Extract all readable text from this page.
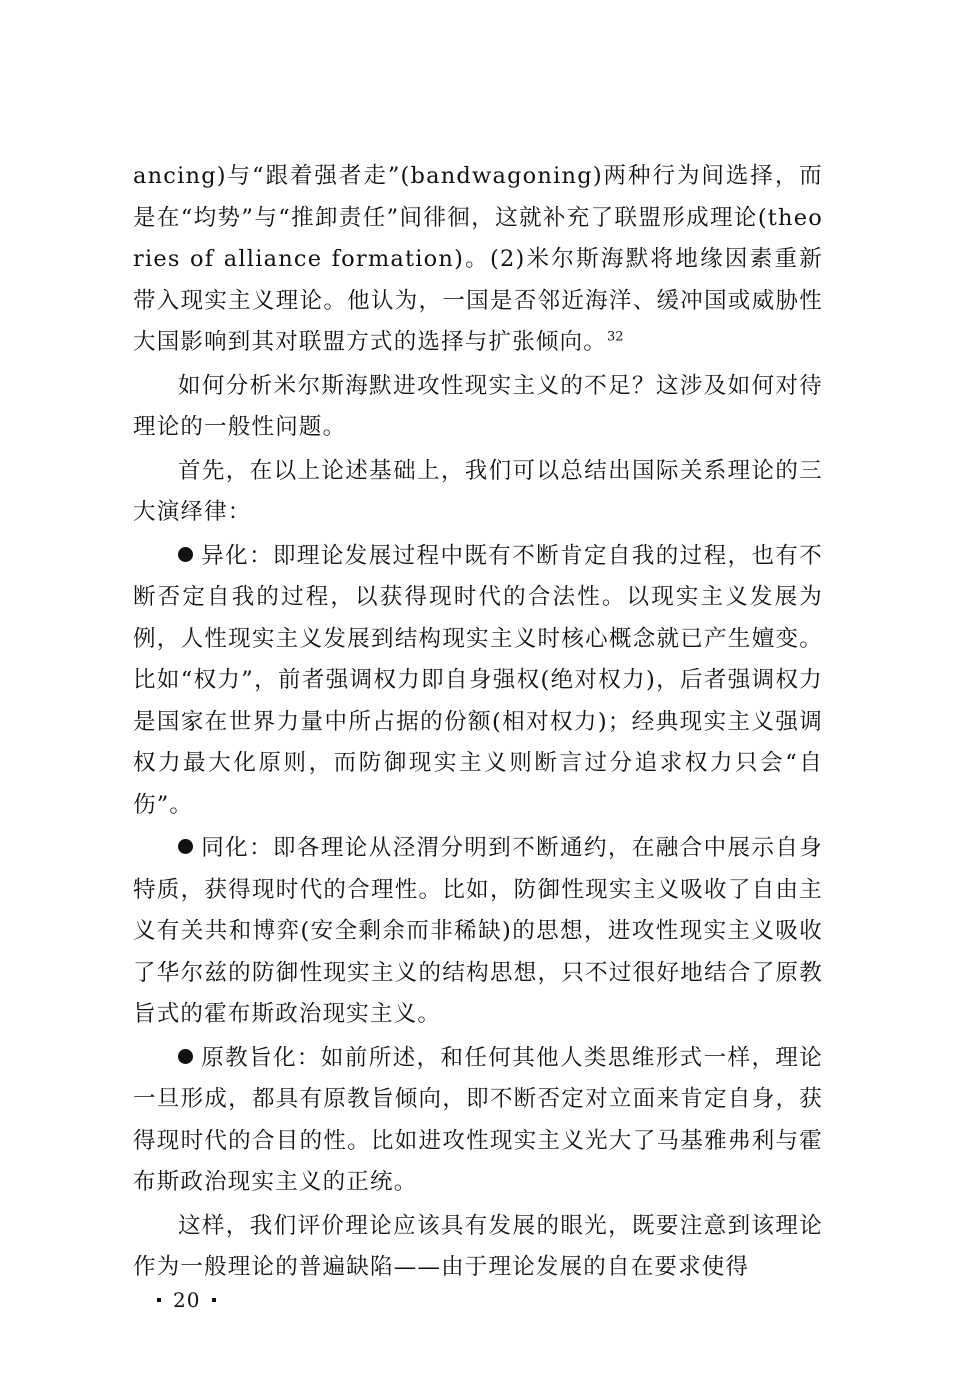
ancing)与“跟着强者走”(bandwagoning)两种行为间选择，而是在“均势”与“推卸责任”间徘徊，这就补充了联盟形成理论(theories of alliance formation)。(2)米尔斯海默将地缘因素重新带入现实主义理论。他认为，一国是否邻近海洋、缓冲国或威胁性大国影响到其对联盟方式的选择与扩张倾向。$^{32}$

如何分析米尔斯海默进攻性现实主义的不足？这涉及如何对待理论的一般性问题。

首先，在以上论述基础上，我们可以总结出国际关系理论的三大演绎律：

异化：即理论发展过程中既有不断肯定自我的过程，也有不断否定自我的过程，以获得现时代的合法性。以现实主义发展为例，人性现实主义发展到结构现实主义时核心概念就已产生嬗变。比如“权力”，前者强调权力即自身强权(绝对权力)，后者强调权力是国家在世界力量中所占据的份额(相对权力)；经典现实主义强调权力最大化原则，而防御现实主义则断言过分追求权力只会“自伤”。

同化：即各理论从泾渭分明到不断通约，在融合中展示自身特质，获得现时代的合理性。比如，防御性现实主义吸收了自由主义有关共和博弈(安全剩余而非稀缺)的思想，进攻性现实主义吸收了华尔兹的防御性现实主义的结构思想，只不过很好地结合了原教旨式的霍布斯政治现实主义。

原教旨化：如前所述，和任何其他人类思维形式一样，理论一旦形成，都具有原教旨倾向，即不断否定对立面来肯定自身，获得现时代的合目的性。比如进攻性现实主义光大了马基雅弗利与霍布斯政治现实主义的正统。

这样，我们评价理论应该具有发展的眼光，既要注意到该理论作为一般理论的普遍缺陷——由于理论发展的自在要求使得

20
